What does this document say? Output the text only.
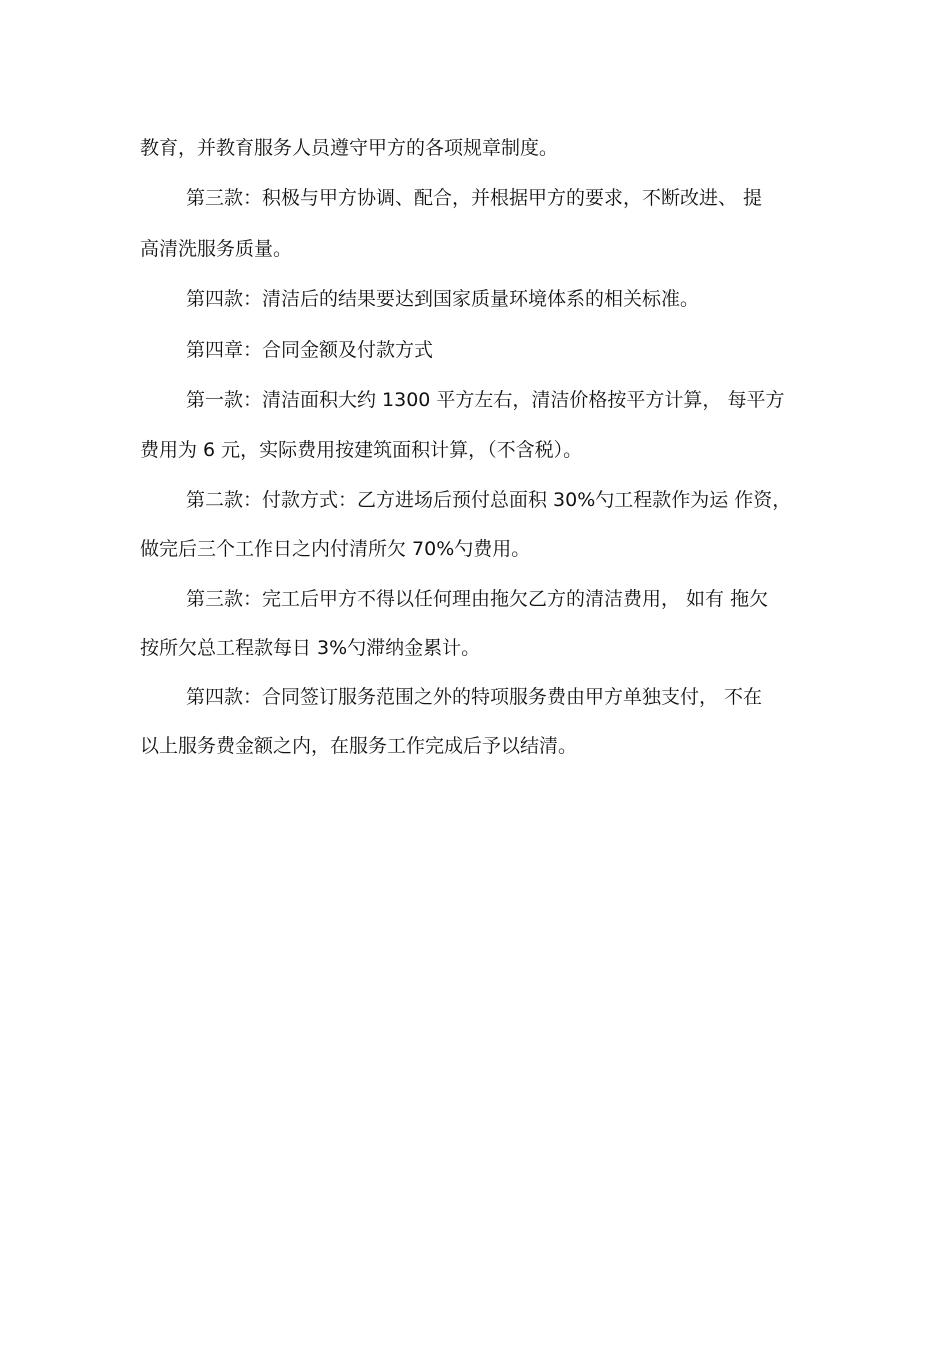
教育，并教育服务人员遵守甲方的各项规章制度。
第三款：积极与甲方协调、配合，并根据甲方的要求，不断改进、 提
高清洗服务质量。
第四款：清洁后的结果要达到国家质量环境体系的相关标准。
第四章：合同金额及付款方式
第一款：清洁面积大约 1300 平方左右，清洁价格按平方计算， 每平方
费用为 6 元，实际费用按建筑面积计算，（不含税）。
第二款：付款方式：乙方进场后预付总面积 30%勺工程款作为运 作资，
做完后三个工作日之内付清所欠 70%勺费用。
第三款：完工后甲方不得以任何理由拖欠乙方的清洁费用， 如有 拖欠
按所欠总工程款每日 3%勺滞纳金累计。
第四款：合同签订服务范围之外的特项服务费由甲方单独支付， 不在
以上服务费金额之内，在服务工作完成后予以结清。
